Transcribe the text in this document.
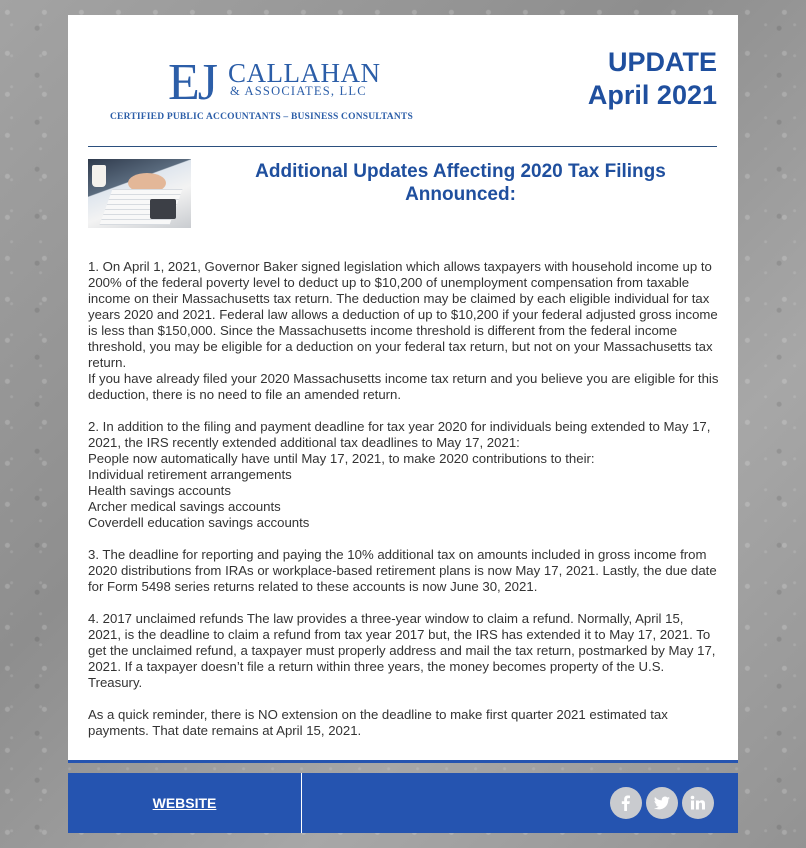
EJ CALLAHAN
& ASSOCIATES, LLC
CERTIFIED PUBLIC ACCOUNTANTS – BUSINESS CONSULTANTS
UPDATE
April 2021
Additional Updates Affecting 2020 Tax Filings
Announced:

1. On April 1, 2021, Governor Baker signed legislation which allows taxpayers with household income up to 200% of the federal poverty level to deduct up to $10,200 of unemployment compensation from taxable income on their Massachusetts tax return. The deduction may be claimed by each eligible individual for tax years 2020 and 2021. Federal law allows a deduction of up to $10,200 if your federal adjusted gross income is less than $150,000. Since the Massachusetts income threshold is different from the federal income threshold, you may be eligible for a deduction on your federal tax return, but not on your Massachusetts tax return.

If you have already filed your 2020 Massachusetts income tax return and you believe you are eligible for this deduction, there is no need to file an amended return.

2. In addition to the filing and payment deadline for tax year 2020 for individuals being extended to May 17, 2021, the IRS recently extended additional tax deadlines to May 17, 2021:

People now automatically have until May 17, 2021, to make 2020 contributions to their:

Individual retirement arrangements

Health savings accounts

Archer medical savings accounts

Coverdell education savings accounts

3. The deadline for reporting and paying the 10% additional tax on amounts included in gross income from 2020 distributions from IRAs or workplace-based retirement plans is now May 17, 2021. Lastly, the due date for Form 5498 series returns related to these accounts is now June 30, 2021.

4. 2017 unclaimed refunds The law provides a three-year window to claim a refund. Normally, April 15, 2021, is the deadline to claim a refund from tax year 2017 but, the IRS has extended it to May 17, 2021. To get the unclaimed refund, a taxpayer must properly address and mail the tax return, postmarked by May 17, 2021. If a taxpayer doesn’t file a return within three years, the money becomes property of the U.S. Treasury.

As a quick reminder, there is NO extension on the deadline to make first quarter 2021 estimated tax payments. That date remains at April 15, 2021.

WEBSITE
